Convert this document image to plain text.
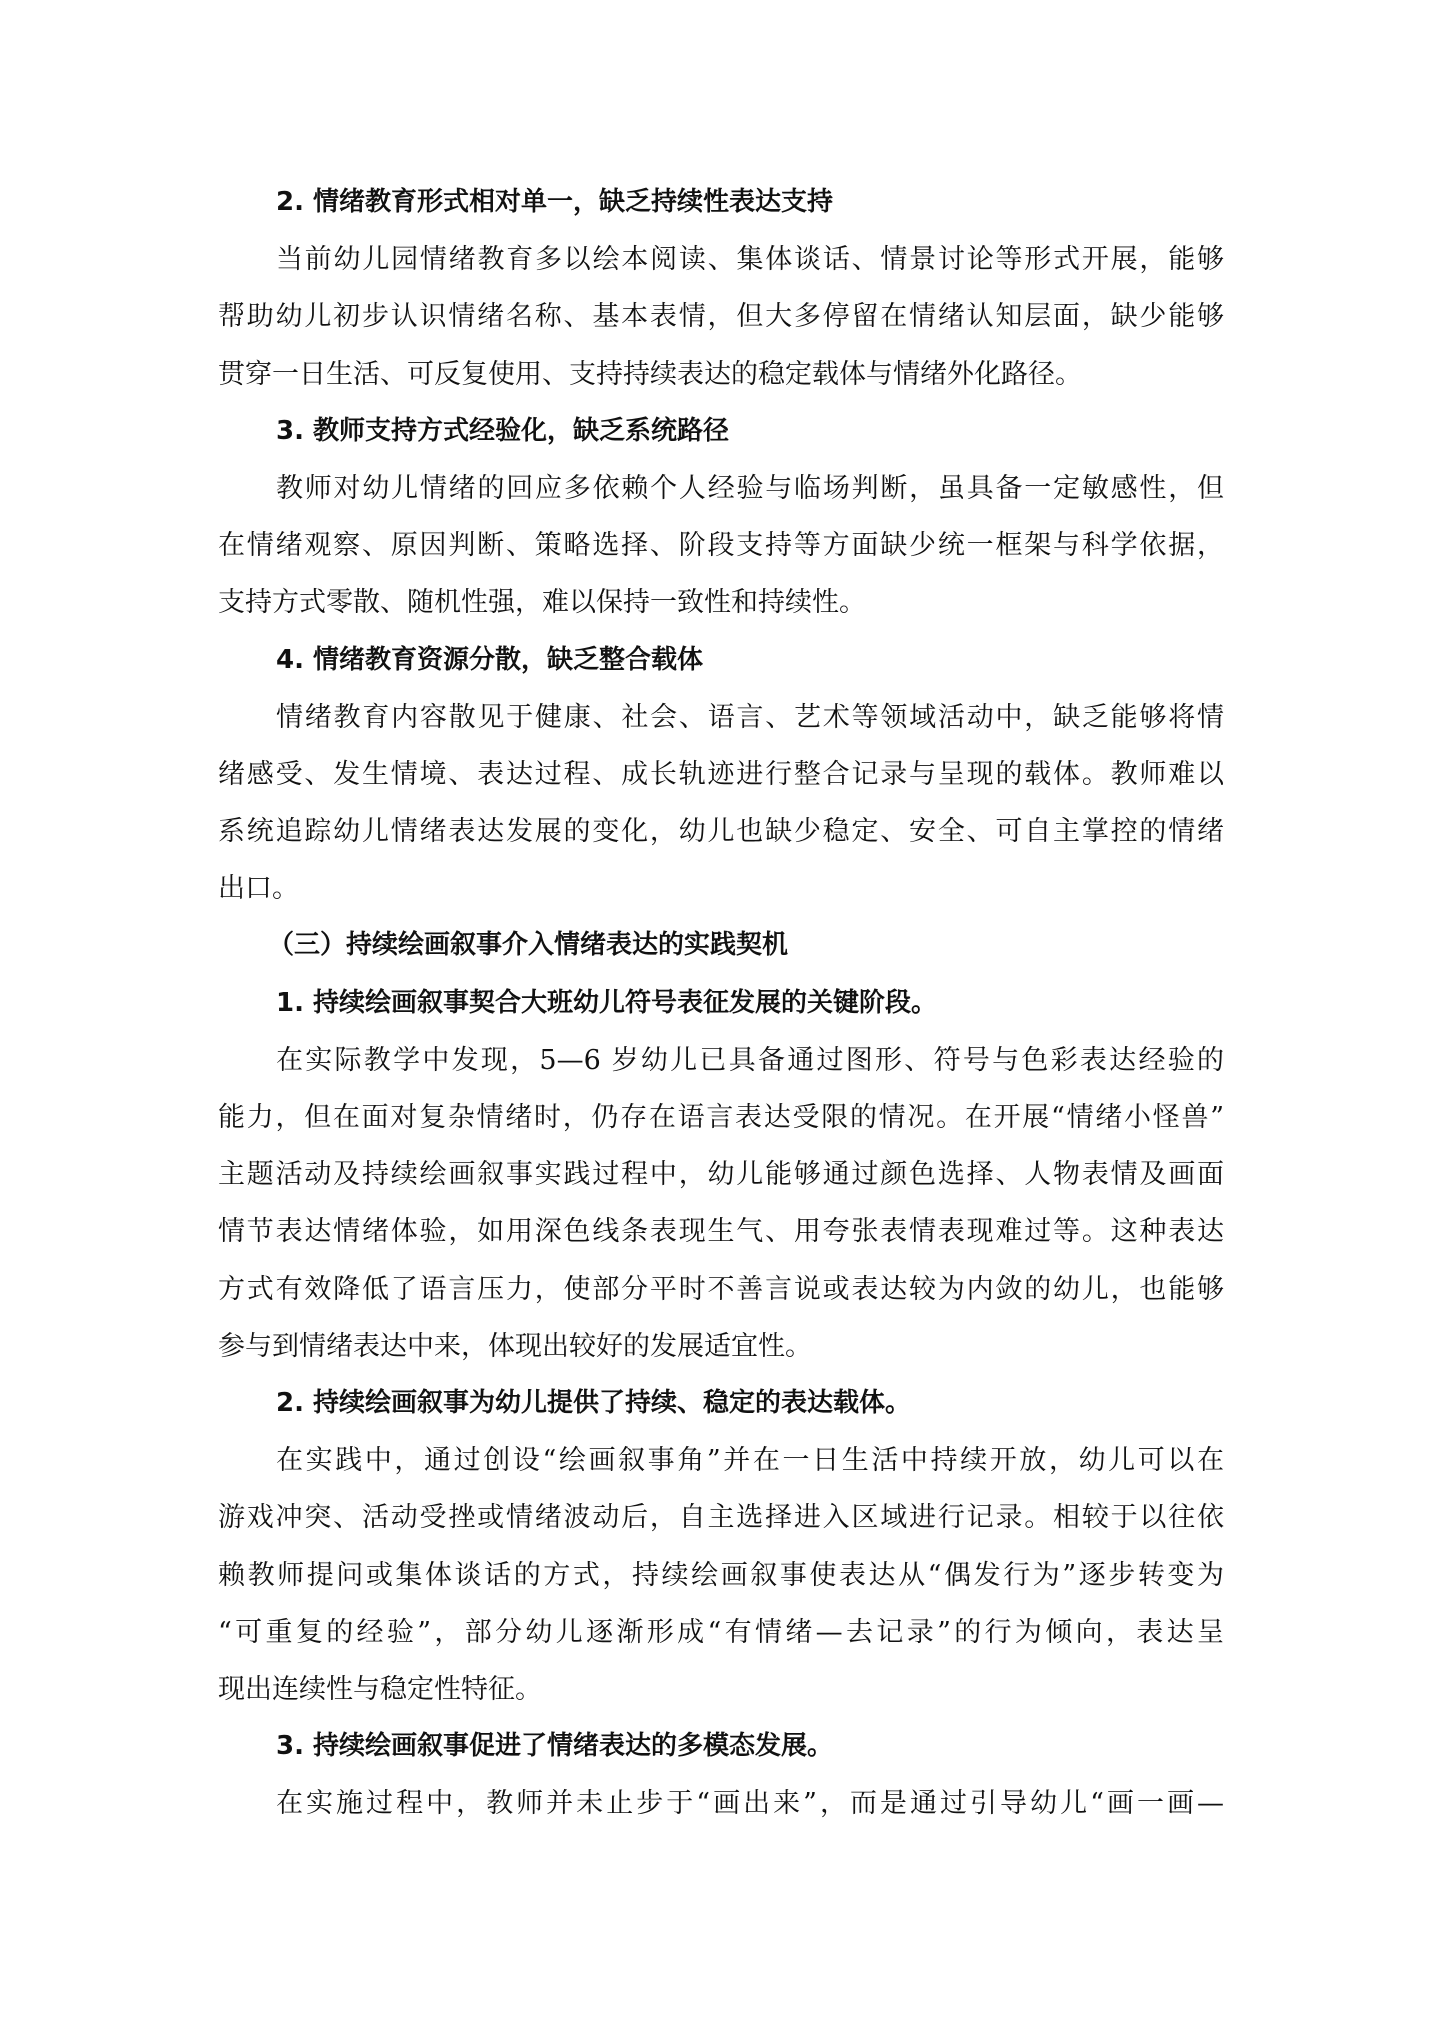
2. 情绪教育形式相对单一，缺乏持续性表达支持
当前幼儿园情绪教育多以绘本阅读、集体谈话、情景讨论等形式开展，能够
帮助幼儿初步认识情绪名称、基本表情，但大多停留在情绪认知层面，缺少能够
贯穿一日生活、可反复使用、支持持续表达的稳定载体与情绪外化路径。
3. 教师支持方式经验化，缺乏系统路径
教师对幼儿情绪的回应多依赖个人经验与临场判断，虽具备一定敏感性，但
在情绪观察、原因判断、策略选择、阶段支持等方面缺少统一框架与科学依据，
支持方式零散、随机性强，难以保持一致性和持续性。
4. 情绪教育资源分散，缺乏整合载体
情绪教育内容散见于健康、社会、语言、艺术等领域活动中，缺乏能够将情
绪感受、发生情境、表达过程、成长轨迹进行整合记录与呈现的载体。教师难以
系统追踪幼儿情绪表达发展的变化，幼儿也缺少稳定、安全、可自主掌控的情绪
出口。
（三）持续绘画叙事介入情绪表达的实践契机
1. 持续绘画叙事契合大班幼儿符号表征发展的关键阶段。
在实际教学中发现，5—6 岁幼儿已具备通过图形、符号与色彩表达经验的
能力，但在面对复杂情绪时，仍存在语言表达受限的情况。在开展“情绪小怪兽”
主题活动及持续绘画叙事实践过程中，幼儿能够通过颜色选择、人物表情及画面
情节表达情绪体验，如用深色线条表现生气、用夸张表情表现难过等。这种表达
方式有效降低了语言压力，使部分平时不善言说或表达较为内敛的幼儿，也能够
参与到情绪表达中来，体现出较好的发展适宜性。
2. 持续绘画叙事为幼儿提供了持续、稳定的表达载体。
在实践中，通过创设“绘画叙事角”并在一日生活中持续开放，幼儿可以在
游戏冲突、活动受挫或情绪波动后，自主选择进入区域进行记录。相较于以往依
赖教师提问或集体谈话的方式，持续绘画叙事使表达从“偶发行为”逐步转变为
“可重复的经验”，部分幼儿逐渐形成“有情绪—去记录”的行为倾向，表达呈
现出连续性与稳定性特征。
3. 持续绘画叙事促进了情绪表达的多模态发展。
在实施过程中，教师并未止步于“画出来”，而是通过引导幼儿“画一画—
